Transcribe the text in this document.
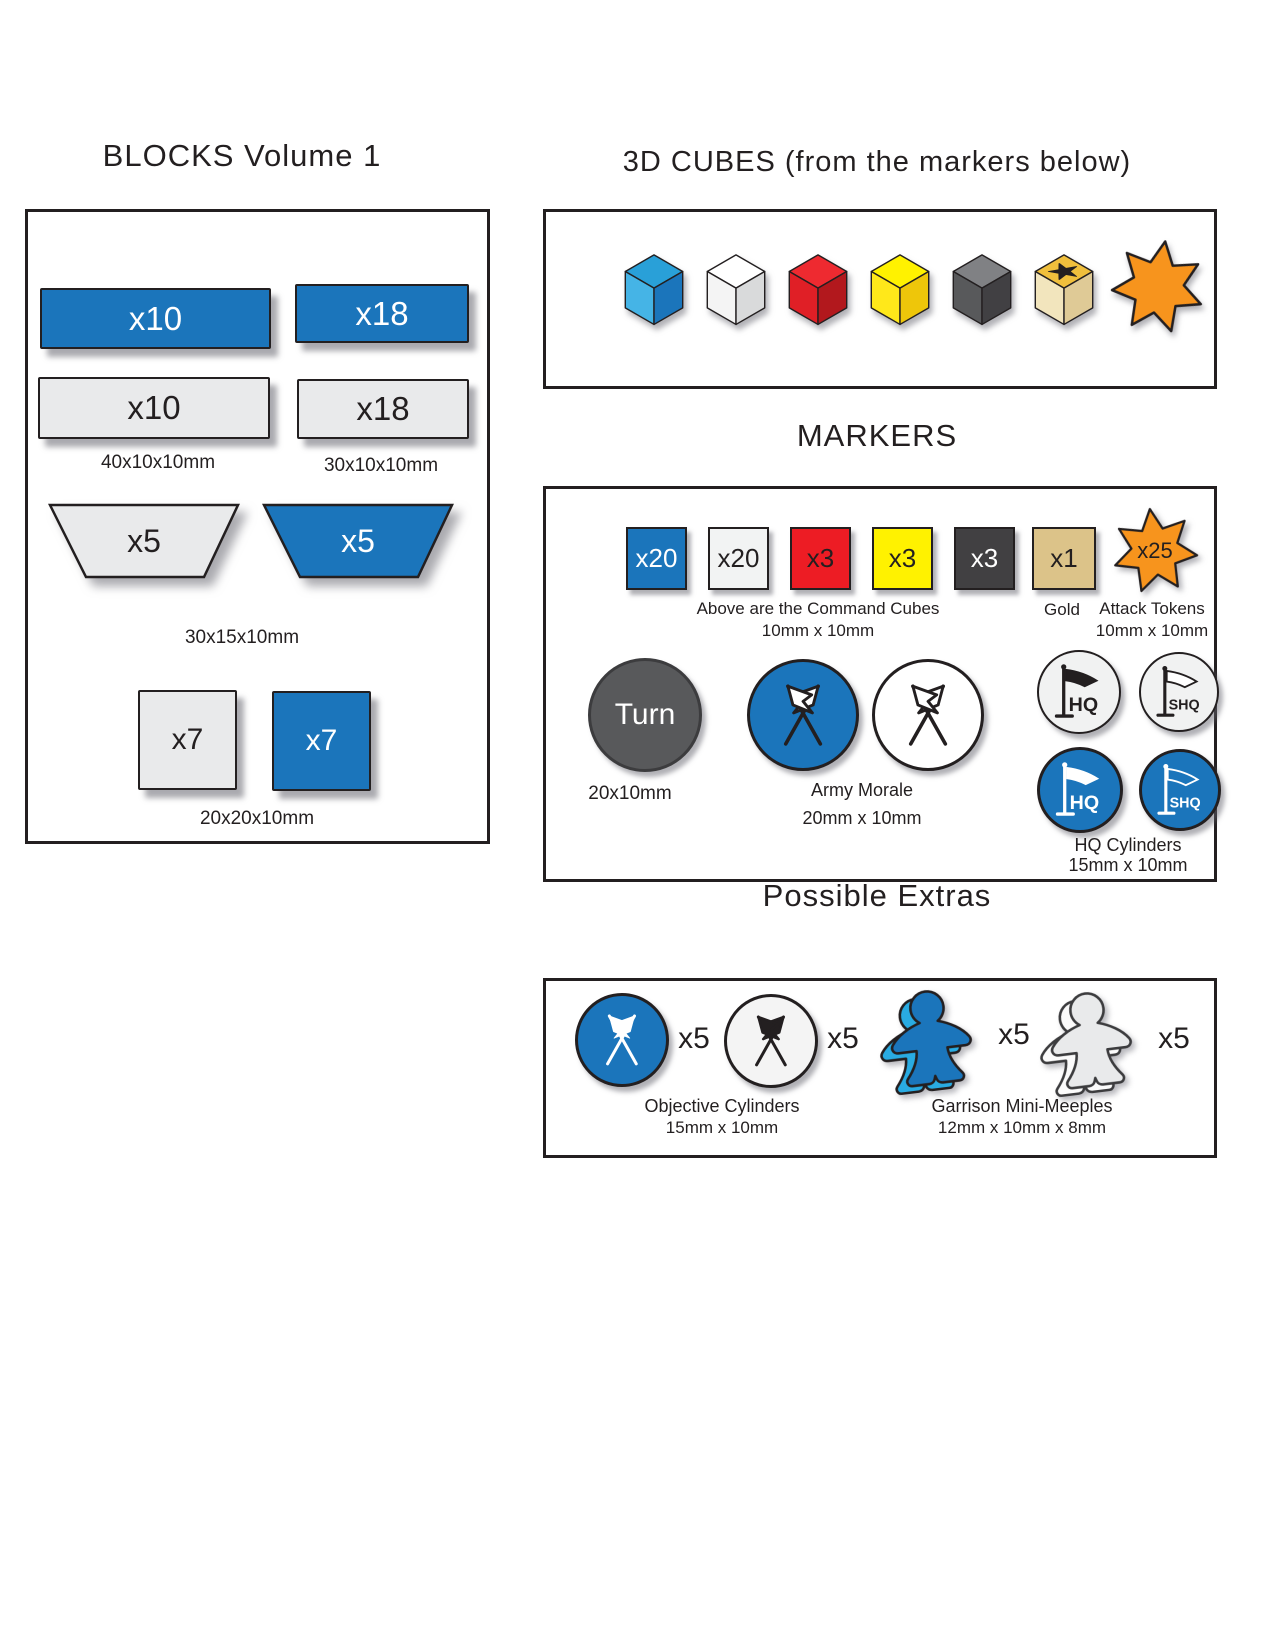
BLOCKS Volume 1
x10	x18
x10	x18
40x10x10mm	30x10x10mm
x5	x5
30x15x10mm
x7	x7
20x20x10mm
3D CUBES (from the markers below)
MARKERS
x20 x20 x3 x3 x3 x1	x25
Above are the Command Cubes
10mm x 10mm
Gold	Attack Tokens
10mm x 10mm
Turn
20x10mm	Army Morale
20mm x 10mm
HQ	SHQ
HQ	SHQ
HQ Cylinders
15mm x 10mm
Possible Extras
x5	x5	x5	x5
Objective Cylinders
15mm x 10mm
Garrison Mini-Meeples
12mm x 10mm x 8mm
